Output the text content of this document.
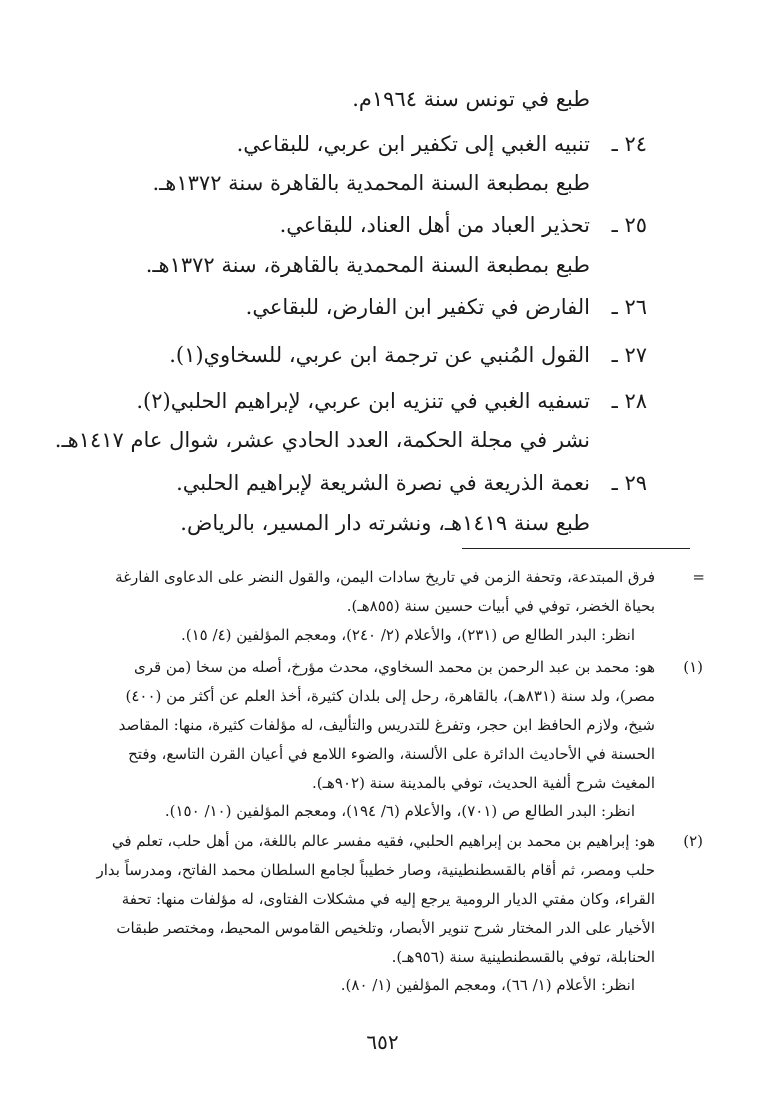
طبع في تونس سنة ١٩٦٤م.
٢٤ ـ
تنبيه الغبي إلى تكفير ابن عربي، للبقاعي.
طبع بمطبعة السنة المحمدية بالقاهرة سنة ١٣٧٢هـ.
٢٥ ـ
تحذير العباد من أهل العناد، للبقاعي.
طبع بمطبعة السنة المحمدية بالقاهرة، سنة ١٣٧٢هـ.
٢٦ ـ
الفارض في تكفير ابن الفارض، للبقاعي.
٢٧ ـ
القول المُنبي عن ترجمة ابن عربي، للسخاوي(١).
٢٨ ـ
تسفيه الغبي في تنزيه ابن عربي، لإبراهيم الحلبي(٢).
نشر في مجلة الحكمة، العدد الحادي عشر، شوال عام ١٤١٧هـ.
٢٩ ـ
نعمة الذريعة في نصرة الشريعة لإبراهيم الحلبي.
طبع سنة ١٤١٩هـ، ونشرته دار المسير، بالرياض.
=
فرق المبتدعة، وتحفة الزمن في تاريخ سادات اليمن، والقول النضر على الدعاوى الفارغة
بحياة الخضر، توفي في أبيات حسين سنة (٨٥٥هـ).
انظر: البدر الطالع ص (٢٣١)، والأعلام (٢/ ٢٤٠)، ومعجم المؤلفين (٤/ ١٥).
(١)
هو: محمد بن عبد الرحمن بن محمد السخاوي، محدث مؤرخ، أصله من سخا (من قرى
مصر)، ولد سنة (٨٣١هـ)، بالقاهرة، رحل إلى بلدان كثيرة، أخذ العلم عن أكثر من (٤٠٠)
شيخ، ولازم الحافظ ابن حجر، وتفرغ للتدريس والتأليف، له مؤلفات كثيرة، منها: المقاصد
الحسنة في الأحاديث الدائرة على الألسنة، والضوء اللامع في أعيان القرن التاسع، وفتح
المغيث شرح ألفية الحديث، توفي بالمدينة سنة (٩٠٢هـ).
انظر: البدر الطالع ص (٧٠١)، والأعلام (٦/ ١٩٤)، ومعجم المؤلفين (١٠/ ١٥٠).
(٢)
هو: إبراهيم بن محمد بن إبراهيم الحلبي، فقيه مفسر عالم باللغة، من أهل حلب، تعلم في
حلب ومصر، ثم أقام بالقسطنطينية، وصار خطيباً لجامع السلطان محمد الفاتح، ومدرساً بدار
القراء، وكان مفتي الديار الرومية يرجع إليه في مشكلات الفتاوى، له مؤلفات منها: تحفة
الأخيار على الدر المختار شرح تنوير الأبصار، وتلخيص القاموس المحيط، ومختصر طبقات
الحنابلة، توفي بالقسطنطينية سنة (٩٥٦هـ).
انظر: الأعلام (١/ ٦٦)، ومعجم المؤلفين (١/ ٨٠).
٦٥٢
